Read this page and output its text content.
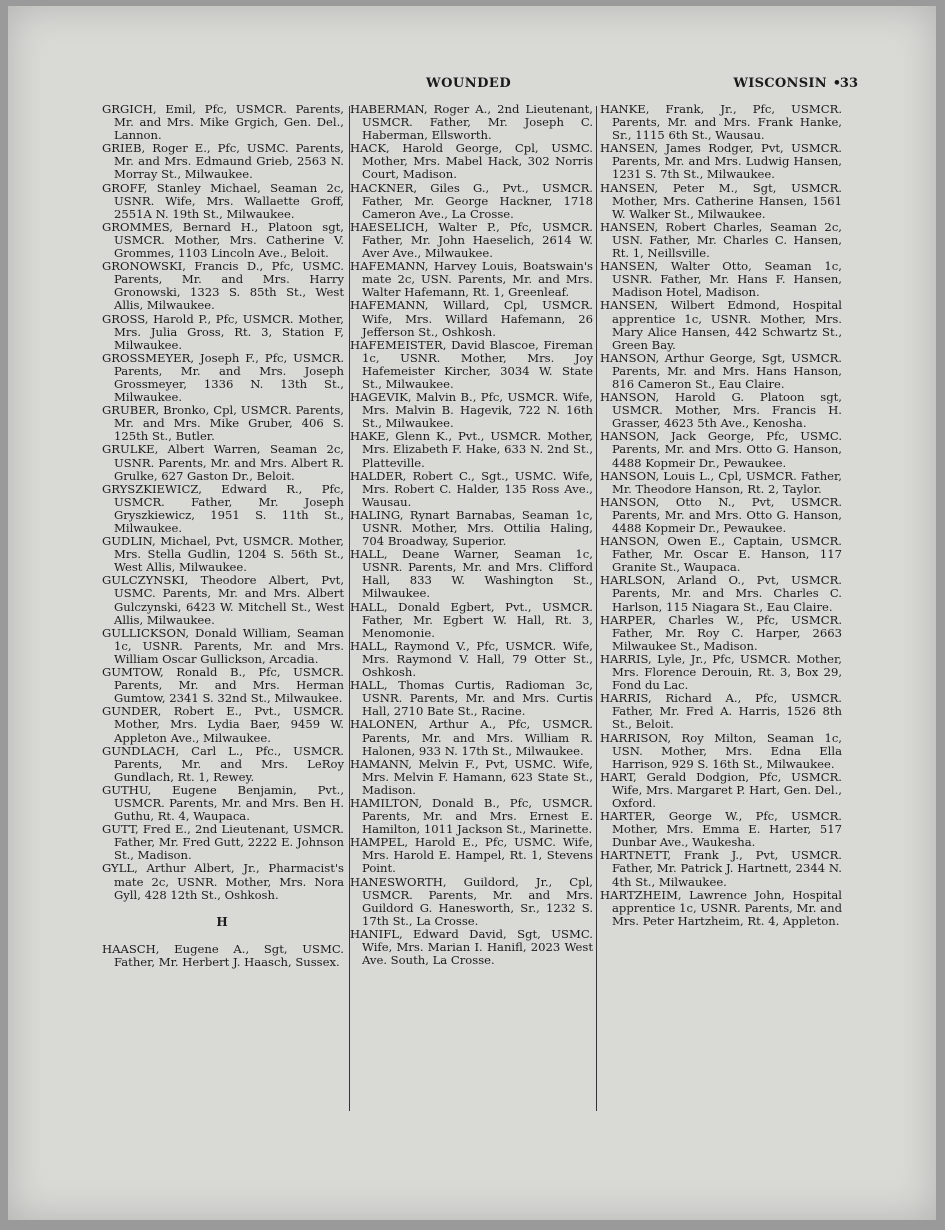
WOUNDED	WISCONSIN •
33
GRGICH, Emil, Pfc, USMCR. Parents, Mr. and Mrs. Mike Grgich, Gen. Del., Lannon.
GRIEB, Roger E., Pfc, USMC. Parents, Mr. and Mrs. Edmaund Grieb, 2563 N. Morray St., Milwaukee.
GROFF, Stanley Michael, Seaman 2c, USNR. Wife, Mrs. Wallaette Groff, 2551A N. 19th St., Milwaukee.
GROMMES, Bernard H., Platoon sgt, USMCR. Mother, Mrs. Catherine V. Grommes, 1103 Lincoln Ave., Beloit.
GRONOWSKI, Francis D., Pfc, USMC. Parents, Mr. and Mrs. Harry Gronowski, 1323 S. 85th St., West Allis, Milwaukee.
GROSS, Harold P., Pfc, USMCR. Mother, Mrs. Julia Gross, Rt. 3, Station F, Milwaukee.
GROSSMEYER, Joseph F., Pfc, USMCR. Parents, Mr. and Mrs. Joseph Grossmeyer, 1336 N. 13th St., Milwaukee.
GRUBER, Bronko, Cpl, USMCR. Parents, Mr. and Mrs. Mike Gruber, 406 S. 125th St., Butler.
GRULKE, Albert Warren, Seaman 2c, USNR. Parents, Mr. and Mrs. Albert R. Grulke, 627 Gaston Dr., Beloit.
GRYSZKIEWICZ, Edward R., Pfc, USMCR. Father, Mr. Joseph Gryszkiewicz, 1951 S. 11th St., Milwaukee.
GUDLIN, Michael, Pvt, USMCR. Mother, Mrs. Stella Gudlin, 1204 S. 56th St., West Allis, Milwaukee.
GULCZYNSKI, Theodore Albert, Pvt, USMC. Parents, Mr. and Mrs. Albert Gulczynski, 6423 W. Mitchell St., West Allis, Milwaukee.
GULLICKSON, Donald William, Seaman 1c, USNR. Parents, Mr. and Mrs. William Oscar Gullickson, Arcadia.
GUMTOW, Ronald B., Pfc, USMCR. Parents, Mr. and Mrs. Herman Gumtow, 2341 S. 32nd St., Milwaukee.
GUNDER, Robert E., Pvt., USMCR. Mother, Mrs. Lydia Baer, 9459 W. Appleton Ave., Milwaukee.
GUNDLACH, Carl L., Pfc., USMCR. Parents, Mr. and Mrs. LeRoy Gundlach, Rt. 1, Rewey.
GUTHU, Eugene Benjamin, Pvt., USMCR. Parents, Mr. and Mrs. Ben H. Guthu, Rt. 4, Waupaca.
GUTT, Fred E., 2nd Lieutenant, USMCR. Father, Mr. Fred Gutt, 2222 E. Johnson St., Madison.
GYLL, Arthur Albert, Jr., Pharmacist's mate 2c, USNR. Mother, Mrs. Nora Gyll, 428 12th St., Oshkosh.
H
HAASCH, Eugene A., Sgt, USMC. Father, Mr. Herbert J. Haasch, Sussex.
HABERMAN, Roger A., 2nd Lieutenant, USMCR. Father, Mr. Joseph C. Haberman, Ellsworth.
HACK, Harold George, Cpl, USMC. Mother, Mrs. Mabel Hack, 302 Norris Court, Madison.
HACKNER, Giles G., Pvt., USMCR. Father, Mr. George Hackner, 1718 Cameron Ave., La Crosse.
HAESELICH, Walter P., Pfc, USMCR. Father, Mr. John Haeselich, 2614 W. Aver Ave., Milwaukee.
HAFEMANN, Harvey Louis, Boatswain's mate 2c, USN. Parents, Mr. and Mrs. Walter Hafemann, Rt. 1, Greenleaf.
HAFEMANN, Willard, Cpl, USMCR. Wife, Mrs. Willard Hafemann, 26 Jefferson St., Oshkosh.
HAFEMEISTER, David Blascoe, Fireman 1c, USNR. Mother, Mrs. Joy Hafemeister Kircher, 3034 W. State St., Milwaukee.
HAGEVIK, Malvin B., Pfc, USMCR. Wife, Mrs. Malvin B. Hagevik, 722 N. 16th St., Milwaukee.
HAKE, Glenn K., Pvt., USMCR. Mother, Mrs. Elizabeth F. Hake, 633 N. 2nd St., Platteville.
HALDER, Robert C., Sgt., USMC. Wife, Mrs. Robert C. Halder, 135 Ross Ave., Wausau.
HALING, Rynart Barnabas, Seaman 1c, USNR. Mother, Mrs. Ottilia Haling, 704 Broadway, Superior.
HALL, Deane Warner, Seaman 1c, USNR. Parents, Mr. and Mrs. Clifford Hall, 833 W. Washington St., Milwaukee.
HALL, Donald Egbert, Pvt., USMCR. Father, Mr. Egbert W. Hall, Rt. 3, Menomonie.
HALL, Raymond V., Pfc, USMCR. Wife, Mrs. Raymond V. Hall, 79 Otter St., Oshkosh.
HALL, Thomas Curtis, Radioman 3c, USNR. Parents, Mr. and Mrs. Curtis Hall, 2710 Bate St., Racine.
HALONEN, Arthur A., Pfc, USMCR. Parents, Mr. and Mrs. William R. Halonen, 933 N. 17th St., Milwaukee.
HAMANN, Melvin F., Pvt, USMC. Wife, Mrs. Melvin F. Hamann, 623 State St., Madison.
HAMILTON, Donald B., Pfc, USMCR. Parents, Mr. and Mrs. Ernest E. Hamilton, 1011 Jackson St., Marinette.
HAMPEL, Harold E., Pfc, USMC. Wife, Mrs. Harold E. Hampel, Rt. 1, Stevens Point.
HANESWORTH, Guildord, Jr., Cpl, USMCR. Parents, Mr. and Mrs. Guildord G. Hanesworth, Sr., 1232 S. 17th St., La Crosse.
HANIFL, Edward David, Sgt, USMC. Wife, Mrs. Marian I. Hanifl, 2023 West Ave. South, La Crosse.
HANKE, Frank, Jr., Pfc, USMCR. Parents, Mr. and Mrs. Frank Hanke, Sr., 1115 6th St., Wausau.
HANSEN, James Rodger, Pvt, USMCR. Parents, Mr. and Mrs. Ludwig Hansen, 1231 S. 7th St., Milwaukee.
HANSEN, Peter M., Sgt, USMCR. Mother, Mrs. Catherine Hansen, 1561 W. Walker St., Milwaukee.
HANSEN, Robert Charles, Seaman 2c, USN. Father, Mr. Charles C. Hansen, Rt. 1, Neillsville.
HANSEN, Walter Otto, Seaman 1c, USNR. Father, Mr. Hans F. Hansen, Madison Hotel, Madison.
HANSEN, Wilbert Edmond, Hospital apprentice 1c, USNR. Mother, Mrs. Mary Alice Hansen, 442 Schwartz St., Green Bay.
HANSON, Arthur George, Sgt, USMCR. Parents, Mr. and Mrs. Hans Hanson, 816 Cameron St., Eau Claire.
HANSON, Harold G. Platoon sgt, USMCR. Mother, Mrs. Francis H. Grasser, 4623 5th Ave., Kenosha.
HANSON, Jack George, Pfc, USMC. Parents, Mr. and Mrs. Otto G. Hanson, 4488 Kopmeir Dr., Pewaukee.
HANSON, Louis L., Cpl, USMCR. Father, Mr. Theodore Hanson, Rt. 2, Taylor.
HANSON, Otto N., Pvt, USMCR. Parents, Mr. and Mrs. Otto G. Hanson, 4488 Kopmeir Dr., Pewaukee.
HANSON, Owen E., Captain, USMCR. Father, Mr. Oscar E. Hanson, 117 Granite St., Waupaca.
HARLSON, Arland O., Pvt, USMCR. Parents, Mr. and Mrs. Charles C. Harlson, 115 Niagara St., Eau Claire.
HARPER, Charles W., Pfc, USMCR. Father, Mr. Roy C. Harper, 2663 Milwaukee St., Madison.
HARRIS, Lyle, Jr., Pfc, USMCR. Mother, Mrs. Florence Derouin, Rt. 3, Box 29, Fond du Lac.
HARRIS, Richard A., Pfc, USMCR. Father, Mr. Fred A. Harris, 1526 8th St., Beloit.
HARRISON, Roy Milton, Seaman 1c, USN. Mother, Mrs. Edna Ella Harrison, 929 S. 16th St., Milwaukee.
HART, Gerald Dodgion, Pfc, USMCR. Wife, Mrs. Margaret P. Hart, Gen. Del., Oxford.
HARTER, George W., Pfc, USMCR. Mother, Mrs. Emma E. Harter, 517 Dunbar Ave., Waukesha.
HARTNETT, Frank J., Pvt, USMCR. Father, Mr. Patrick J. Hartnett, 2344 N. 4th St., Milwaukee.
HARTZHEIM, Lawrence John, Hospital apprentice 1c, USNR. Parents, Mr. and Mrs. Peter Hartzheim, Rt. 4, Appleton.
